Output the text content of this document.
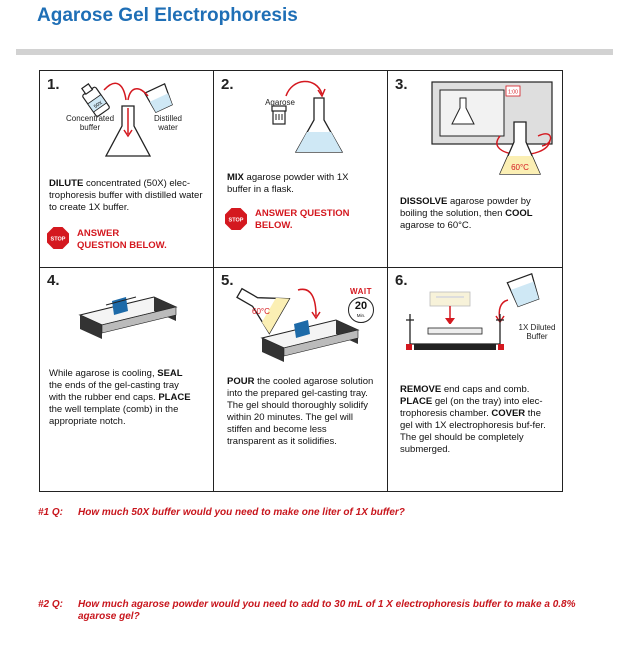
Agarose Gel Electrophoresis
1.
50X
Concentrated
buffer
Distilled
water
DILUTE concentrated (50X) elec-trophoresis buffer with distilled water to create 1X buffer.
STOP
ANSWER QUESTION BELOW.
2.
Agarose
MIX agarose powder with 1X buffer in a flask.
STOP
ANSWER QUESTION BELOW.
3.	1:00
60°C
DISSOLVE agarose powder by boiling the solution, then COOL agarose to 60°C.
4.
While agarose is cooling, SEAL the ends of the gel-casting tray with the rubber end caps. PLACE the well template (comb) in the appropriate notch.
5.
60°C
WAIT
20
Min.
POUR the cooled agarose solution into the prepared gel-casting tray. The gel should thoroughly solidify within 20 minutes. The gel will stiffen and become less transparent as it solidifies.
6.
1X Diluted
Buffer
REMOVE end caps and comb. PLACE gel (on the tray) into elec-trophoresis chamber. COVER the gel with 1X electrophoresis buf-fer. The gel should be completely submerged.
#1 Q: How much 50X buffer would you need to make one liter of 1X buffer?
#2 Q: How much agarose powder would you need to add to 30 mL of 1 X electrophoresis buffer to make a 0.8% agarose gel?
